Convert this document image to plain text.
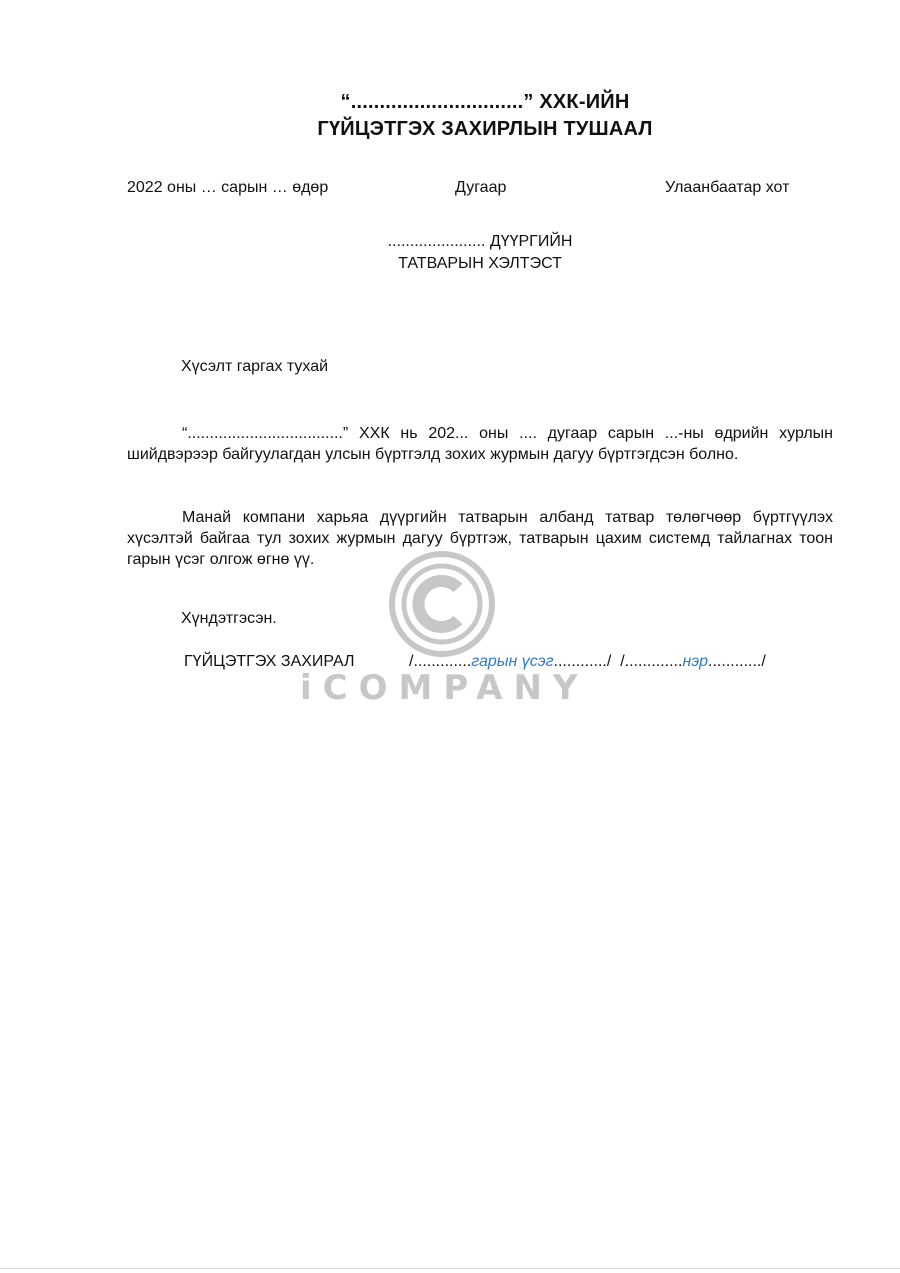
“..............................” ХХК-ИЙН
ГҮЙЦЭТГЭХ ЗАХИРЛЫН ТУШААЛ
2022 оны … сарын … өдөр	Дугаар	Улаанбаатар хот
...................... ДҮҮРГИЙН
ТАТВАРЫН ХЭЛТЭСТ
Хүсэлт гаргах тухай
“...................................” ХХК нь 202... оны .... дугаар сарын ...-ны өдрийн хурлын шийдвэрээр байгуулагдан улсын бүртгэлд зохих журмын дагуу бүртгэгдсэн болно.
Манай компани харьяа дүүргийн татварын албанд татвар төлөгчөөр бүртгүүлэх хүсэлтэй байгаа тул зохих журмын дагуу бүртгэж, татварын цахим системд тайлагнах тоон гарын үсэг олгож өгнө үү.
Хүндэтгэсэн.
ГҮЙЦЭТГЭХ ЗАХИРАЛ	/.............гарын үсэг............/  /.............нэр............/
iCOMPANY
